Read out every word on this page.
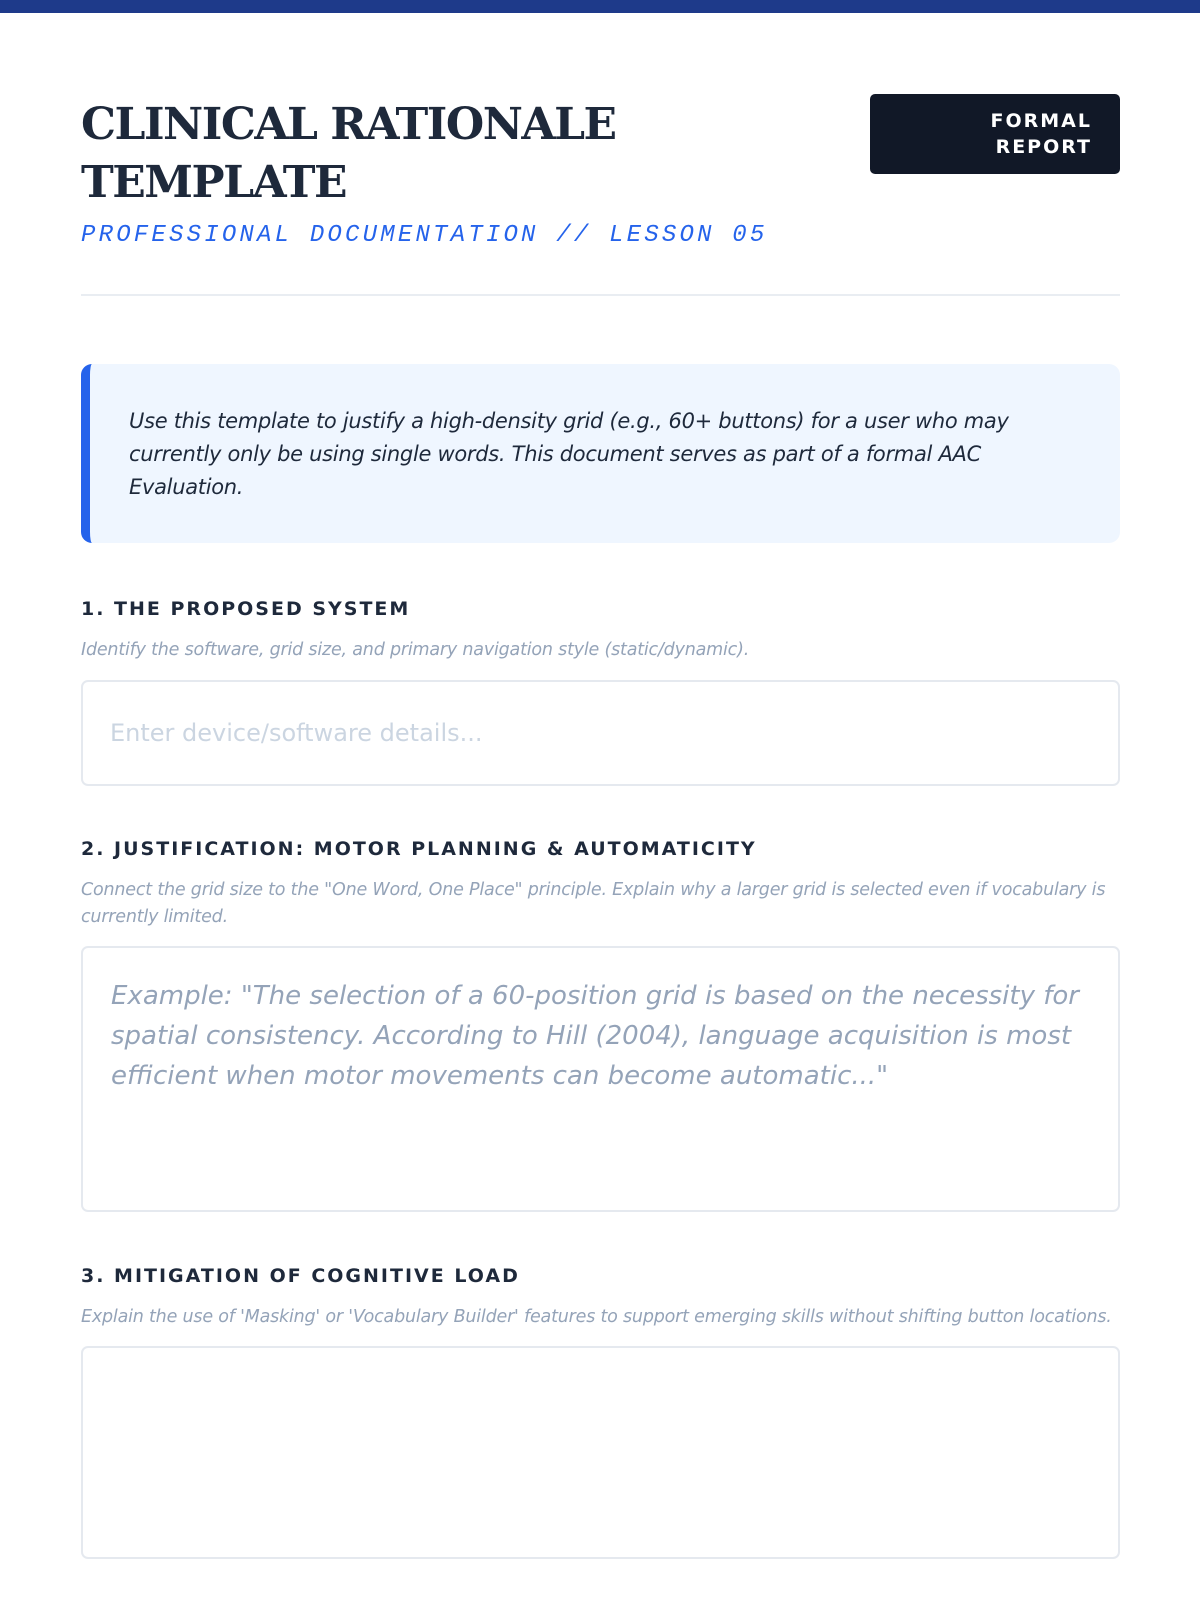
CLINICAL RATIONALE
TEMPLATE
PROFESSIONAL DOCUMENTATION // LESSON 05
FORMAL
REPORT

Use this template to justify a high-density grid (e.g., 60+ buttons) for a user who may currently only be using single words. This document serves as part of a formal AAC Evaluation.

1. THE PROPOSED SYSTEM
Identify the software, grid size, and primary navigation style (static/dynamic).
Enter device/software details...
2. JUSTIFICATION: MOTOR PLANNING & AUTOMATICITY
Connect the grid size to the "One Word, One Place" principle. Explain why a larger grid is selected even if vocabulary is currently limited.
Example: "The selection of a 60-position grid is based on the necessity for spatial consistency. According to Hill (2004), language acquisition is most efficient when motor movements can become automatic..."
3. MITIGATION OF COGNITIVE LOAD
Explain the use of 'Masking' or 'Vocabulary Builder' features to support emerging skills without shifting button locations.
